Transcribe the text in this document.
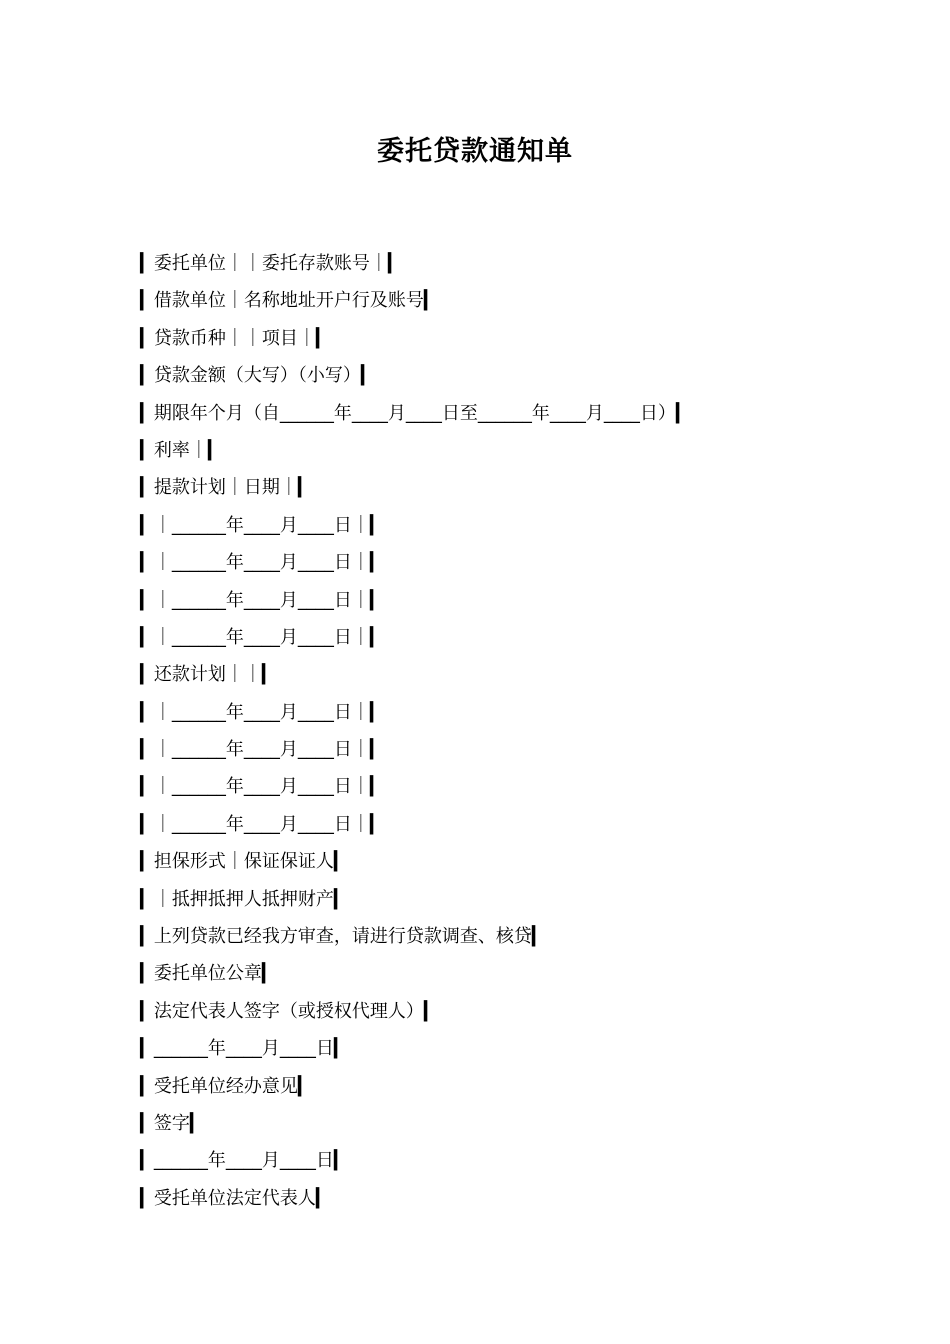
委托贷款通知单
▎委托单位｜｜委托存款账号｜▎
▎借款单位｜名称地址开户行及账号▎
▎贷款币种｜｜项目｜▎
▎贷款金额（大写）（小写）▎
▎期限年个月（自______年____月____日至______年____月____日）▎
▎利率｜▎
▎提款计划｜日期｜▎
▎｜______年____月____日｜▎
▎｜______年____月____日｜▎
▎｜______年____月____日｜▎
▎｜______年____月____日｜▎
▎还款计划｜｜▎
▎｜______年____月____日｜▎
▎｜______年____月____日｜▎
▎｜______年____月____日｜▎
▎｜______年____月____日｜▎
▎担保形式｜保证保证人▎
▎｜抵押抵押人抵押财产▎
▎上列贷款已经我方审查，请进行贷款调查、核贷▎
▎委托单位公章▎
▎法定代表人签字（或授权代理人）▎
▎______年____月____日▎
▎受托单位经办意见▎
▎签字▎
▎______年____月____日▎
▎受托单位法定代表人▎
